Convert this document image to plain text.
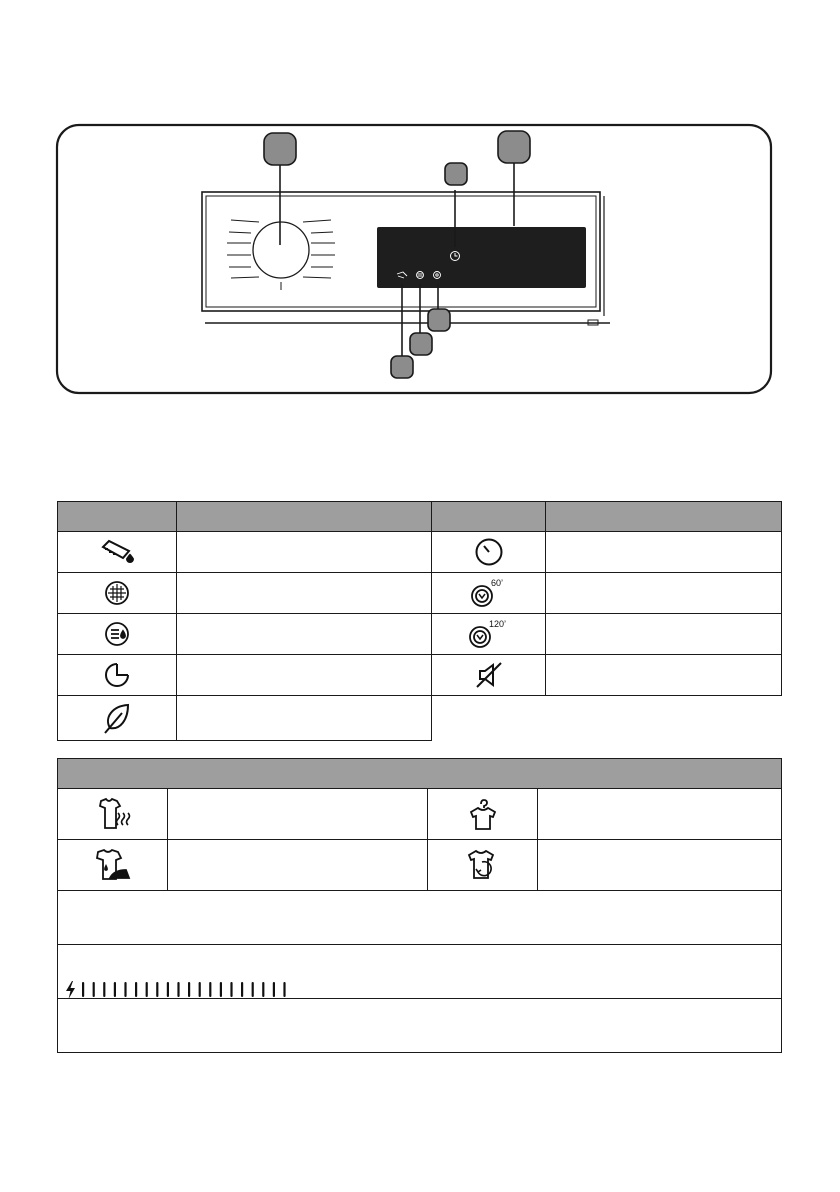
60’	

120’	
